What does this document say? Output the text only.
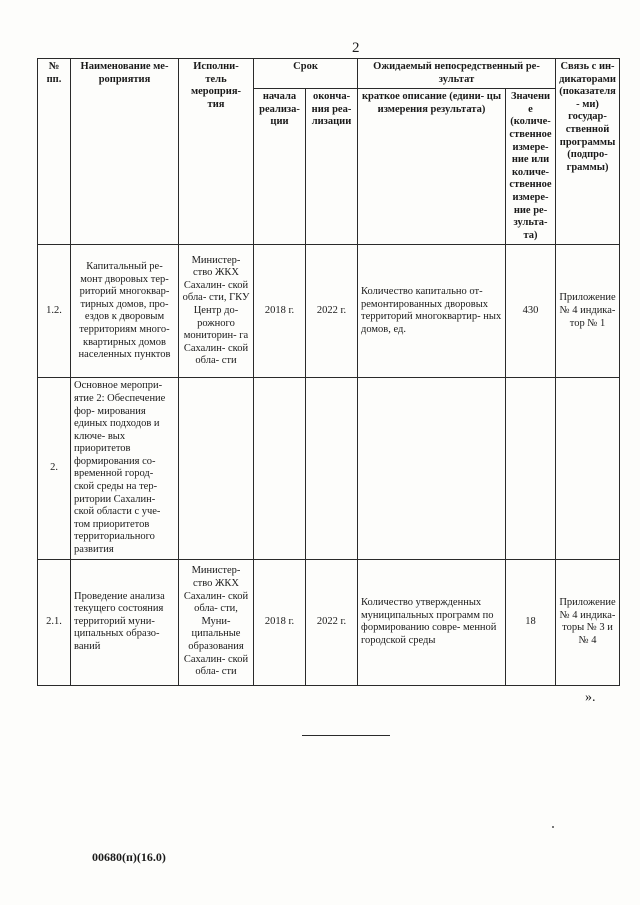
2
№ пп.	Наименование ме- роприятия	Исполни- тель мероприя- тия	Срок		Ожидаемый непосредственный ре- зультат		Связь с ин- дикаторами (показателя- ми) государ- ственной программы (подпро- граммы)
			начала реализа- ции	оконча- ния реа- лизации	краткое описание (едини- цы измерения результата)	Значение (количе- ственное измере- ние или количе- ственное измере- ние ре- зульта- та)	
1.2.	Капитальный ре- монт дворовых тер- риторий многоквар- тирных домов, про- ездов к дворовым территориям много- квартирных домов населенных пунктов	Министер- ство ЖКХ Сахалин- ской обла- сти, ГКУ Центр до- рожного мониторин- га Сахалин- ской обла- сти	2018 г.	2022 г.	Количество капитально от- ремонтированных дворовых территорий многоквартир- ных домов, ед.	430	Приложение № 4 индика- тор № 1
2.	Основное меропри- ятие 2: Обеспечение фор- мирования единых подходов и ключе- вых приоритетов формирования со- временной город- ской среды на тер- ритории Сахалин- ской области с уче- том приоритетов территориального развития						
2.1.	Проведение анализа текущего состояния территорий муни- ципальных образо- ваний	Министер- ство ЖКХ Сахалин- ской обла- сти, Муни- ципальные образования Сахалин- ской обла- сти	2018 г.	2022 г.	Количество утвержденных муниципальных программ по формированию совре- менной городской среды	18	Приложение № 4 индика- торы № 3 и № 4
».
00680(п)(16.0)
